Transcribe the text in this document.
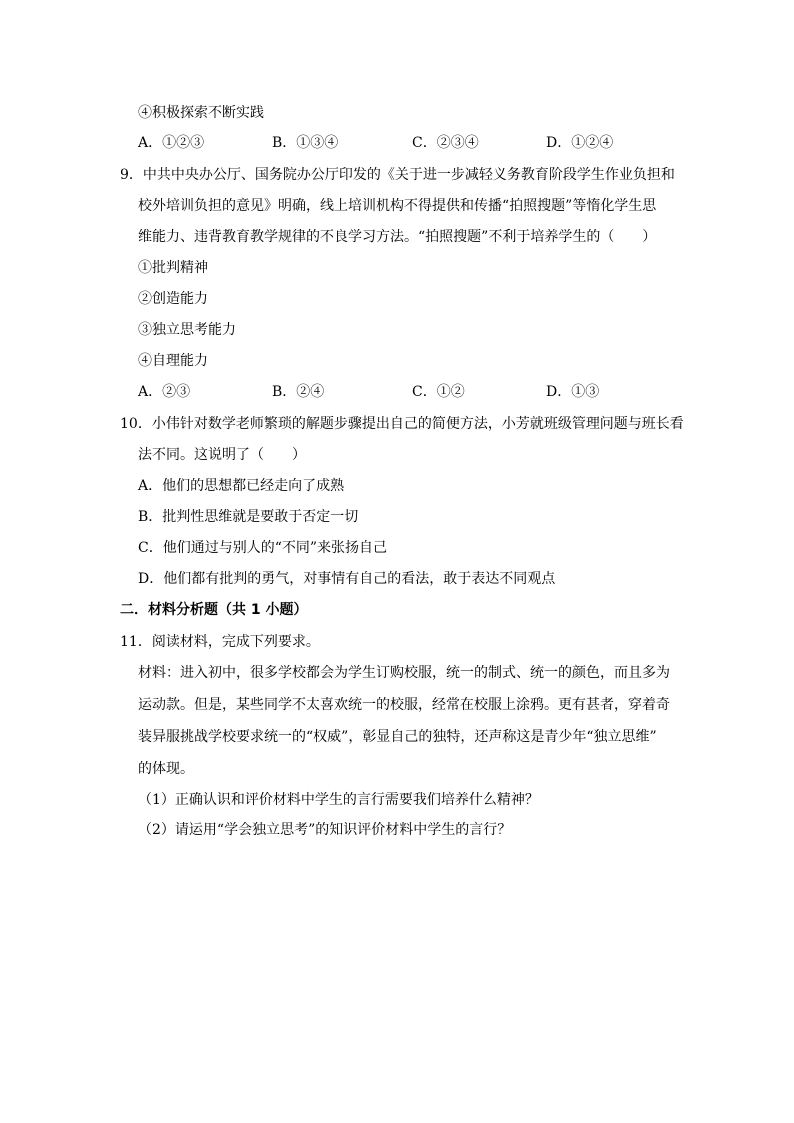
④积极探索不断实践
A．①②③	B．①③④	C．②③④	D．①②④
9．中共中央办公厅、国务院办公厅印发的《关于进一步减轻义务教育阶段学生作业负担和
校外培训负担的意见》明确，线上培训机构不得提供和传播“拍照搜题”等惰化学生思
维能力、违背教育教学规律的不良学习方法。“拍照搜题”不利于培养学生的（　　）
①批判精神
②创造能力
③独立思考能力
④自理能力
A．②③	B．②④	C．①②	D．①③
10．小伟针对数学老师繁琐的解题步骤提出自己的简便方法，小芳就班级管理问题与班长看
法不同。这说明了（　　）
A．他们的思想都已经走向了成熟
B．批判性思维就是要敢于否定一切
C．他们通过与别人的“不同”来张扬自己
D．他们都有批判的勇气，对事情有自己的看法，敢于表达不同观点
二．材料分析题（共 1 小题）
11．阅读材料，完成下列要求。
材料：进入初中，很多学校都会为学生订购校服，统一的制式、统一的颜色，而且多为
运动款。但是，某些同学不太喜欢统一的校服，经常在校服上涂鸦。更有甚者，穿着奇
装异服挑战学校要求统一的“权威”，彰显自己的独特，还声称这是青少年“独立思维”
的体现。
（1）正确认识和评价材料中学生的言行需要我们培养什么精神？
（2）请运用“学会独立思考”的知识评价材料中学生的言行？
